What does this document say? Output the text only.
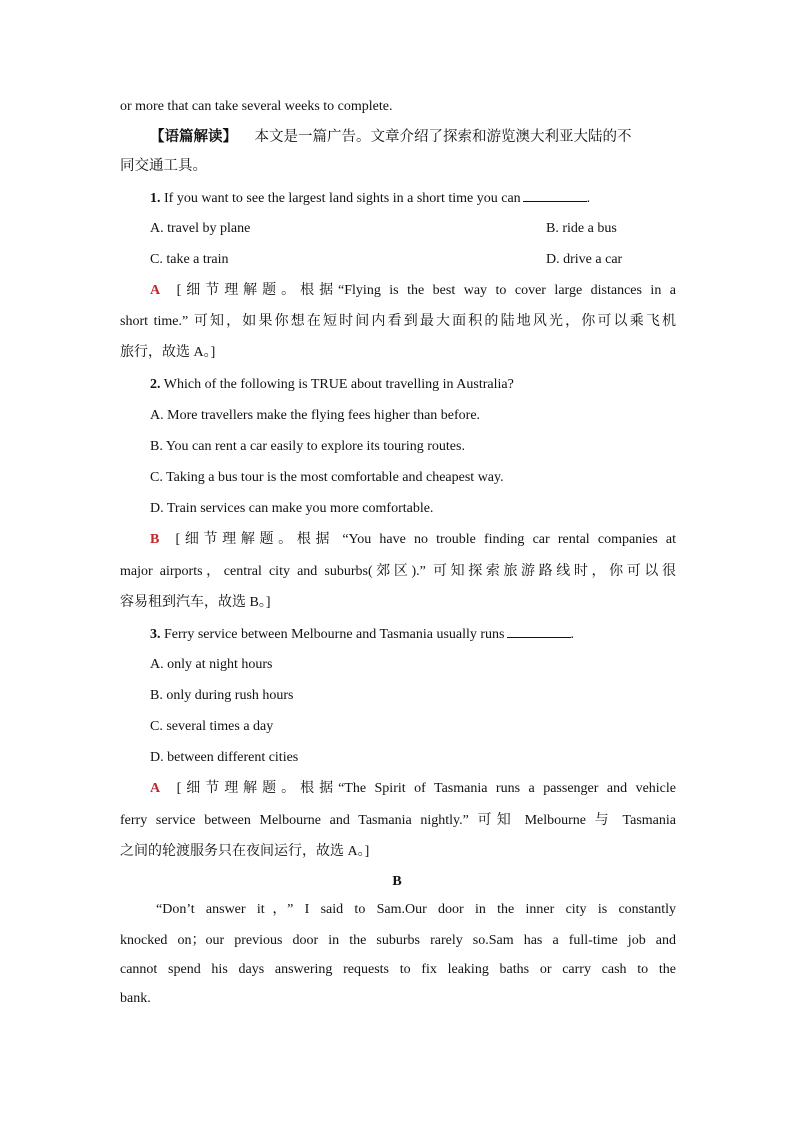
or more that can take several weeks to complete.
【语篇解读】 本文是一篇广告。文章介绍了探索和游览澳大利亚大陆的不
同交通工具。
1. If you want to see the largest land sights in a short time you can	.
A. travel by plane	B. ride a bus
C. take a train	D. drive a car
A [细节理解题。根据“Flying is the best way to cover large distances in a
short time.” 可知，如果你想在短时间内看到最大面积的陆地风光，你可以乘飞机
旅行，故选 A。]
2. Which of the following is TRUE about travelling in Australia?
A. More travellers make the flying fees higher than before.
B. You can rent a car easily to explore its touring routes.
C. Taking a bus tour is the most comfortable and cheapest way.
D. Train services can make you more comfortable.
B [细节理解题。根据 “You have no trouble finding car rental companies at
major airports，central city and suburbs(郊区).” 可知探索旅游路线时，你可以很
容易租到汽车，故选 B。]
3. Ferry service between Melbourne and Tasmania usually runs	.
A. only at night hours
B. only during rush hours
C. several times a day
D. between different cities
A [细节理解题。根据“The Spirit of Tasmania runs a passenger and vehicle
ferry service between Melbourne and Tasmania nightly.” 可知 Melbourne 与 Tasmania
之间的轮渡服务只在夜间运行，故选 A。]
B
“Don’t answer it，” I said to Sam.Our door in the inner city is constantly
knocked on；our previous door in the suburbs rarely so.Sam has a full-time job and
cannot spend his days answering requests to fix leaking baths or carry cash to the
bank.
